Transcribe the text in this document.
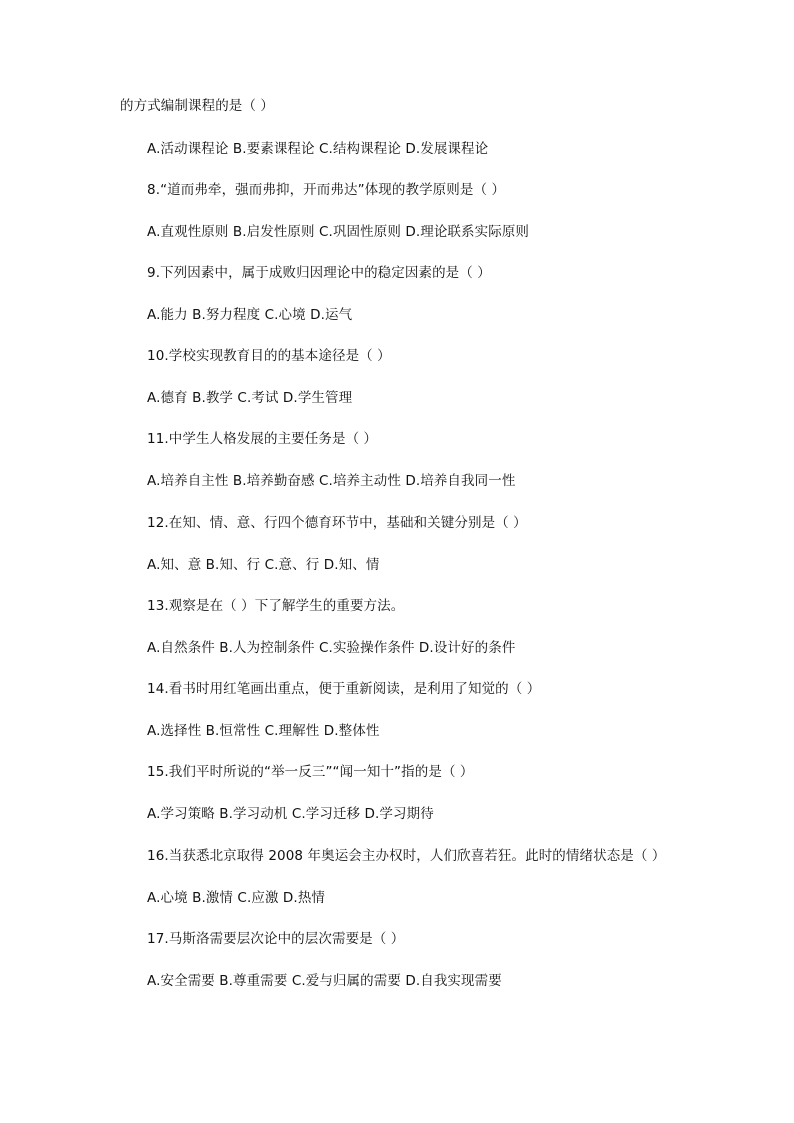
的方式编制课程的是（ ）
A.活动课程论 B.要素课程论 C.结构课程论 D.发展课程论
8.“道而弗牵，强而弗抑，开而弗达”体现的教学原则是（ ）
A.直观性原则 B.启发性原则 C.巩固性原则 D.理论联系实际原则
9.下列因素中，属于成败归因理论中的稳定因素的是（ ）
A.能力 B.努力程度 C.心境 D.运气
10.学校实现教育目的的基本途径是（ ）
A.德育 B.教学 C.考试 D.学生管理
11.中学生人格发展的主要任务是（ ）
A.培养自主性 B.培养勤奋感 C.培养主动性 D.培养自我同一性
12.在知、情、意、行四个德育环节中，基础和关键分别是（ ）
A.知、意 B.知、行 C.意、行 D.知、情
13.观察是在（ ）下了解学生的重要方法。
A.自然条件 B.人为控制条件 C.实验操作条件 D.设计好的条件
14.看书时用红笔画出重点，便于重新阅读，是利用了知觉的（ ）
A.选择性 B.恒常性 C.理解性 D.整体性
15.我们平时所说的“举一反三”“闻一知十”指的是（ ）
A.学习策略 B.学习动机 C.学习迁移 D.学习期待
16.当获悉北京取得 2008 年奥运会主办权时，人们欣喜若狂。此时的情绪状态是（ ）
A.心境 B.激情 C.应激 D.热情
17.马斯洛需要层次论中的层次需要是（ ）
A.安全需要 B.尊重需要 C.爱与归属的需要 D.自我实现需要
